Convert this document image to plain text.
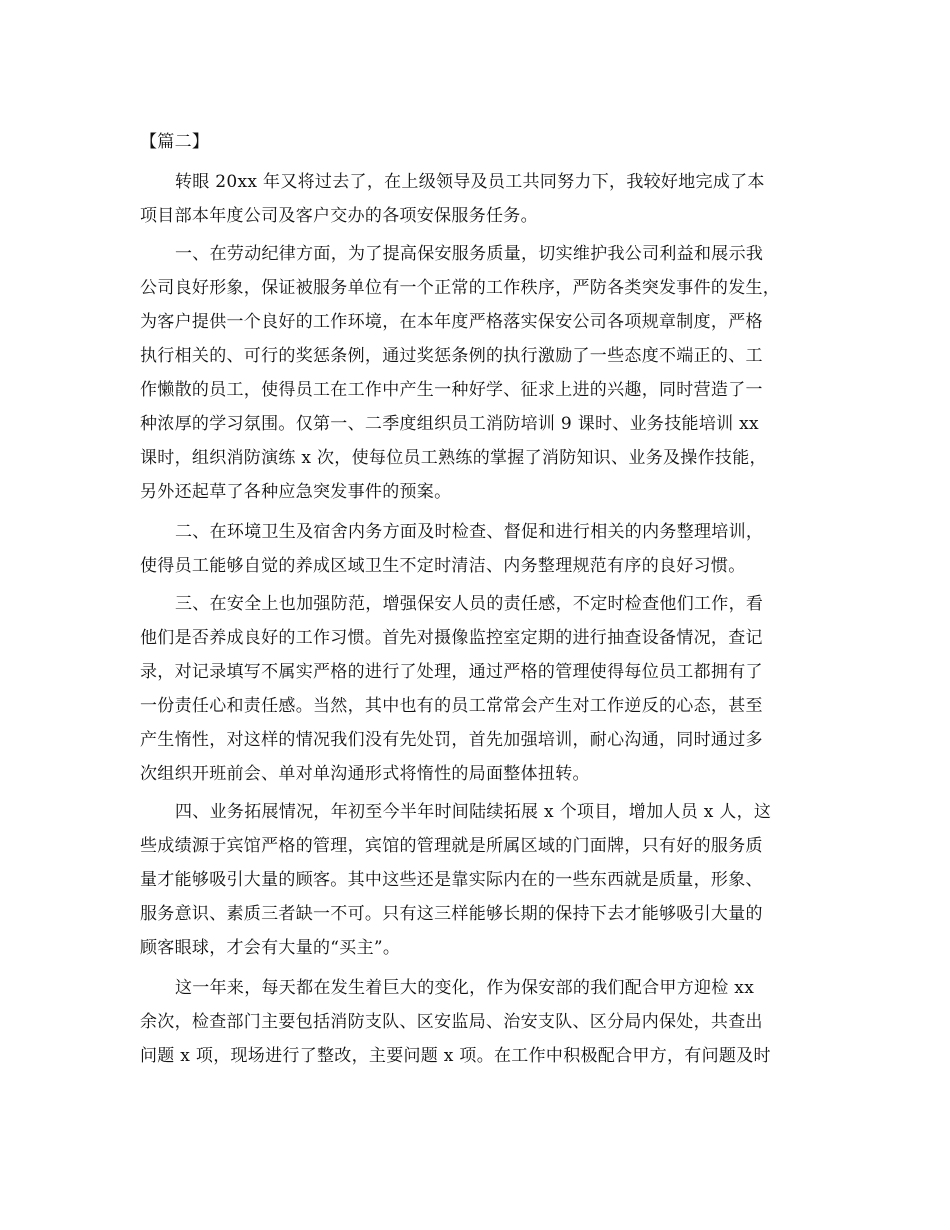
【篇二】
转眼 20xx 年又将过去了，在上级领导及员工共同努力下，我较好地完成了本
项目部本年度公司及客户交办的各项安保服务任务。
一、在劳动纪律方面，为了提高保安服务质量，切实维护我公司利益和展示我
公司良好形象，保证被服务单位有一个正常的工作秩序，严防各类突发事件的发生，
为客户提供一个良好的工作环境，在本年度严格落实保安公司各项规章制度，严格
执行相关的、可行的奖惩条例，通过奖惩条例的执行激励了一些态度不端正的、工
作懒散的员工，使得员工在工作中产生一种好学、征求上进的兴趣，同时营造了一
种浓厚的学习氛围。仅第一、二季度组织员工消防培训 9 课时、业务技能培训 xx
课时，组织消防演练 x 次，使每位员工熟练的掌握了消防知识、业务及操作技能，
另外还起草了各种应急突发事件的预案。
二、在环境卫生及宿舍内务方面及时检查、督促和进行相关的内务整理培训，
使得员工能够自觉的养成区域卫生不定时清洁、内务整理规范有序的良好习惯。
三、在安全上也加强防范，增强保安人员的责任感，不定时检查他们工作，看
他们是否养成良好的工作习惯。首先对摄像监控室定期的进行抽查设备情况，查记
录，对记录填写不属实严格的进行了处理，通过严格的管理使得每位员工都拥有了
一份责任心和责任感。当然，其中也有的员工常常会产生对工作逆反的心态，甚至
产生惰性，对这样的情况我们没有先处罚，首先加强培训，耐心沟通，同时通过多
次组织开班前会、单对单沟通形式将惰性的局面整体扭转。
四、业务拓展情况，年初至今半年时间陆续拓展 x 个项目，增加人员 x 人，这
些成绩源于宾馆严格的管理，宾馆的管理就是所属区域的门面牌，只有好的服务质
量才能够吸引大量的顾客。其中这些还是靠实际内在的一些东西就是质量，形象、
服务意识、素质三者缺一不可。只有这三样能够长期的保持下去才能够吸引大量的
顾客眼球，才会有大量的“买主”。
这一年来，每天都在发生着巨大的变化，作为保安部的我们配合甲方迎检 xx
余次，检查部门主要包括消防支队、区安监局、治安支队、区分局内保处，共查出
问题 x 项，现场进行了整改，主要问题 x 项。在工作中积极配合甲方，有问题及时
